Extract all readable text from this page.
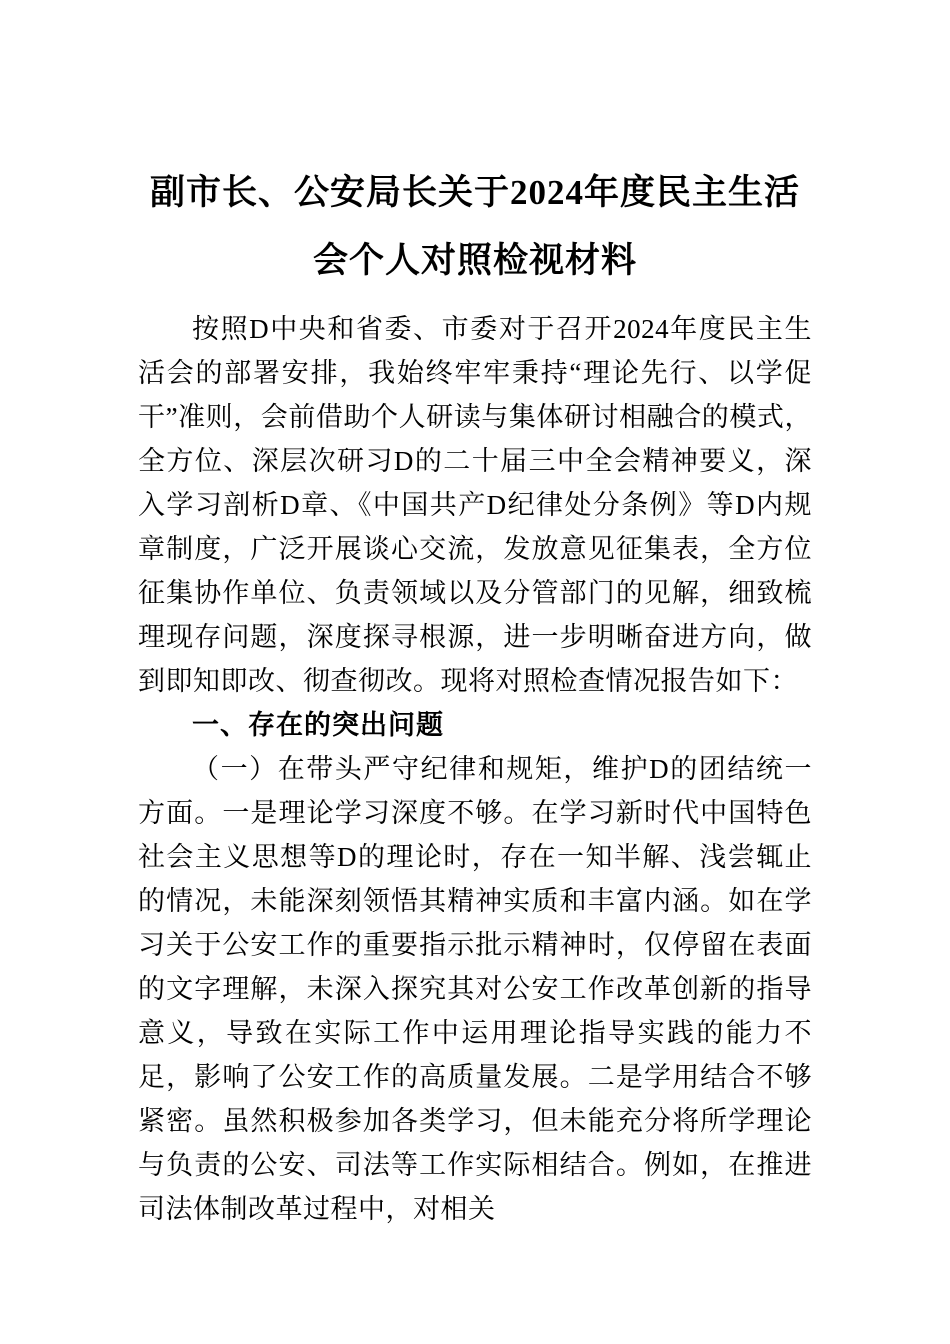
副市长、公安局长关于2024年度民主生活
会个人对照检视材料

按照D中央和省委、市委对于召开2024年度民主生活会的部署安排，我始终牢牢秉持“理论先行、以学促干”准则，会前借助个人研读与集体研讨相融合的模式，全方位、深层次研习D的二十届三中全会精神要义，深入学习剖析D章、《中国共产D纪律处分条例》等D内规章制度，广泛开展谈心交流，发放意见征集表，全方位征集协作单位、负责领域以及分管部门的见解，细致梳理现存问题，深度探寻根源，进一步明晰奋进方向，做到即知即改、彻查彻改。现将对照检查情况报告如下：

一、存在的突出问题

（一）在带头严守纪律和规矩，维护D的团结统一方面。一是理论学习深度不够。在学习新时代中国特色社会主义思想等D的理论时，存在一知半解、浅尝辄止的情况，未能深刻领悟其精神实质和丰富内涵。如在学习关于公安工作的重要指示批示精神时，仅停留在表面的文字理解，未深入探究其对公安工作改革创新的指导意义，导致在实际工作中运用理论指导实践的能力不足，影响了公安工作的高质量发展。二是学用结合不够紧密。虽然积极参加各类学习，但未能充分将所学理论与负责的公安、司法等工作实际相结合。例如，在推进司法体制改革过程中，对相关
